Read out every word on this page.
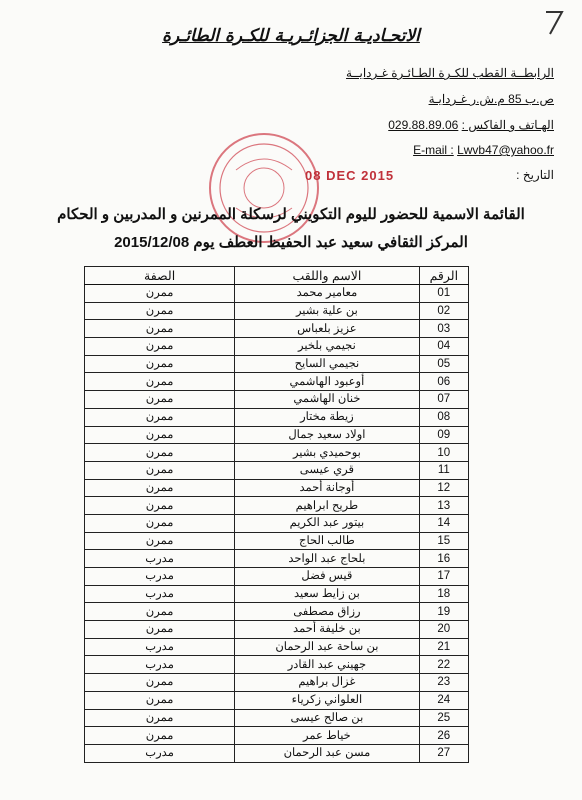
الاتحـاديـة الجزائـريـة للكـرة الطائـرة
الرابطــة القطب للكـرة الطـائـرة غـردايــة
ص.ب 85 م.ش.ر غـردايـة
الهـاتف و الفاكس : 029.88.89.06
E-mail : Lwvb47@yahoo.fr
التاريخ :
08 DEC 2015
القائمة الاسمية للحضور لليوم التكويني لرسكلة الممرنين و المدربين و الحكام
المركز الثقافي سعيد عبد الحفيظ العطف يوم 2015/12/08
الرقم	الاسم واللقب	الصفة
01	معامير محمد	ممرن
02	بن علية بشير	ممرن
03	عزيز بلعباس	ممرن
04	نجيمي بلخير	ممرن
05	نجيمي السايح	ممرن
06	أوعبود الهاشمي	ممرن
07	خنان الهاشمي	ممرن
08	زيطة مختار	ممرن
09	اولاد سعيد جمال	ممرن
10	بوحميدي بشير	ممرن
11	قري عيسى	ممرن
12	أوجانة أحمد	ممرن
13	طريح ابراهيم	ممرن
14	بيتور عبد الكريم	ممرن
15	طالب الحاج	ممرن
16	بلحاج عبد الواحد	مدرب
17	قيس فضل	مدرب
18	بن زايط سعيد	مدرب
19	رزاق مصطفى	ممرن
20	بن خليفة أحمد	ممرن
21	بن ساحة عبد الرحمان	مدرب
22	جهيني عبد القادر	مدرب
23	غزال براهيم	ممرن
24	العلواني زكرياء	ممرن
25	بن صالح عيسى	ممرن
26	خياط عمر	ممرن
27	مسن عبد الرحمان	مدرب
